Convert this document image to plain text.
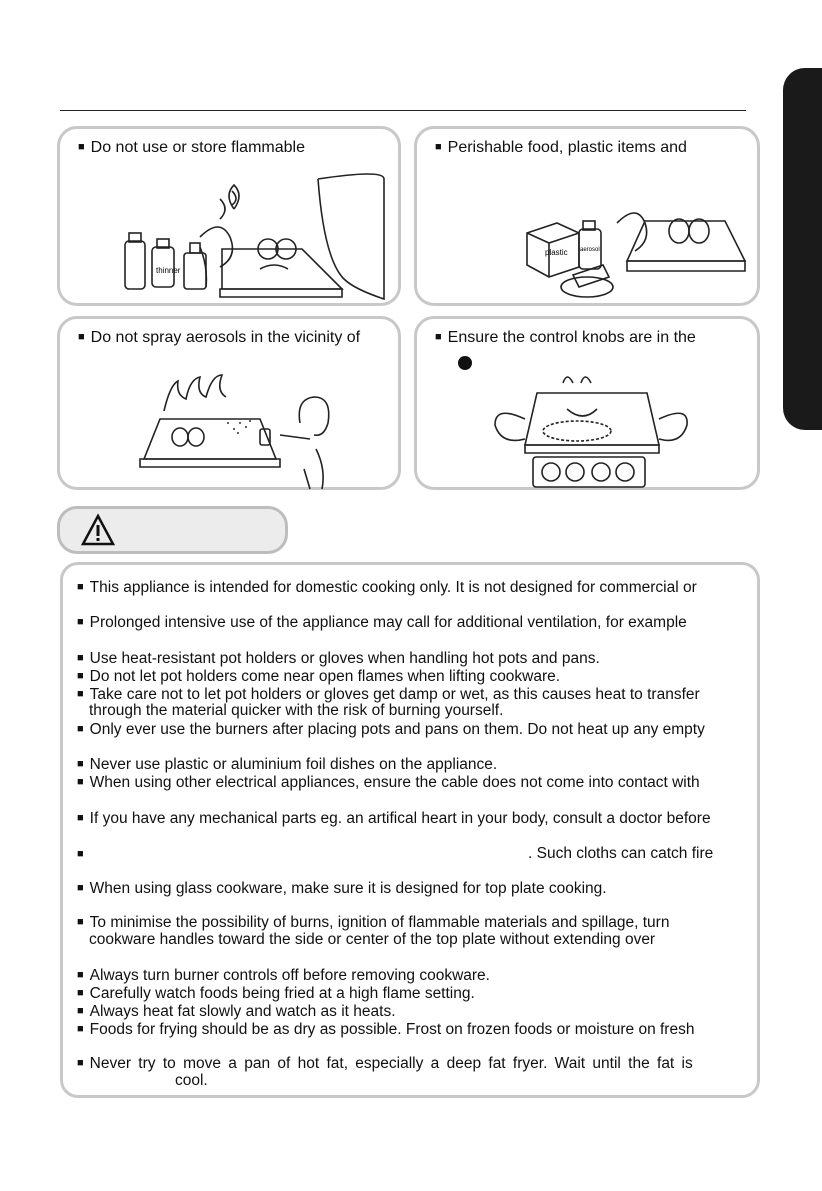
■ Do not use or store flammable
thinner
■ Perishable food, plastic items and
plastic aerosol
■ Do not spray aerosols in the vicinity of	■ Ensure the control knobs are in the
■ This appliance is intended for domestic cooking only. It is not designed for commercial or
■ Prolonged intensive use of the appliance may call for additional ventilation, for example
■ Use heat-resistant pot holders or gloves when handling hot pots and pans.
■ Do not let pot holders come near open flames when lifting cookware.
■ Take care not to let pot holders or gloves get damp or wet, as this causes heat to transfer
through the material quicker with the risk of burning yourself.
■ Only ever use the burners after placing pots and pans on them. Do not heat up any empty
■ Never use plastic or aluminium foil dishes on the appliance.
■ When using other electrical appliances, ensure the cable does not come into contact with
■ If you have any mechanical parts eg. an artifical heart in your body, consult a doctor before
■	. Such cloths can catch fire
■ When using glass cookware, make sure it is designed for top plate cooking.
■ To minimise the possibility of burns, ignition of flammable materials and spillage, turn
cookware handles toward the side or center of the top plate without extending over
■ Always turn burner controls off before removing cookware.
■ Carefully watch foods being fried at a high flame setting.
■ Always heat fat slowly and watch as it heats.
■ Foods for frying should be as dry as possible. Frost on frozen foods or moisture on fresh
■ Never try to move a pan of hot fat, especially a deep fat fryer. Wait until the fat is
cool.
